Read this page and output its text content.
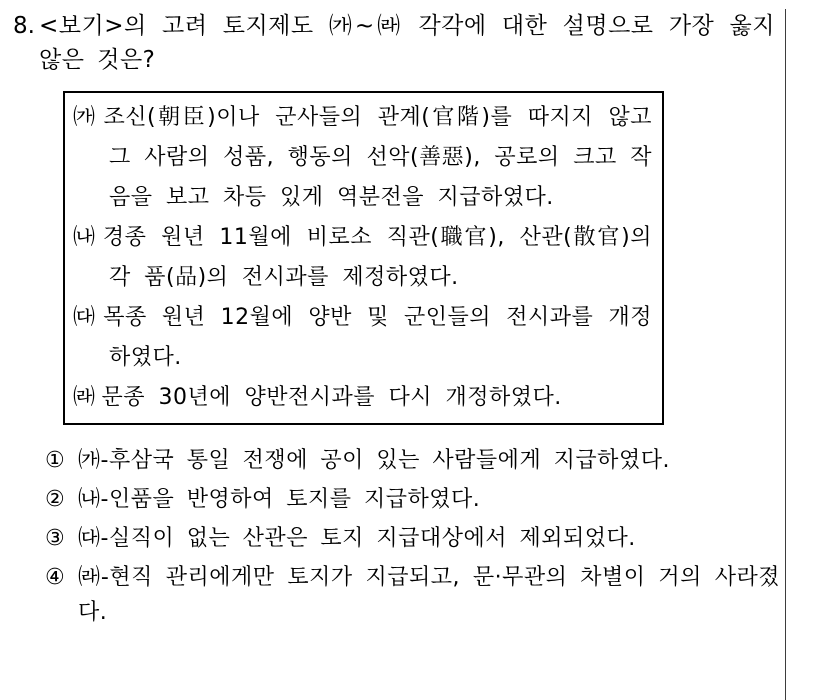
8. <보기>의 고려 토지제도 ㈎~㈑ 각각에 대한 설명으로 가장 옳지 않은 것은?
㈎ 조신(朝臣)이나 군사들의 관계(官階)를 따지지 않고 그 사람의 성품, 행동의 선악(善惡), 공로의 크고 작음을 보고 차등 있게 역분전을 지급하였다.
㈏ 경종 원년 11월에 비로소 직관(職官), 산관(散官)의 각 품(品)의 전시과를 제정하였다.
㈐ 목종 원년 12월에 양반 및 군인들의 전시과를 개정하였다.
㈑ 문종 30년에 양반전시과를 다시 개정하였다.
① ㈎-후삼국 통일 전쟁에 공이 있는 사람들에게 지급하였다.
② ㈏-인품을 반영하여 토지를 지급하였다.
③ ㈐-실직이 없는 산관은 토지 지급대상에서 제외되었다.
④ ㈑-현직 관리에게만 토지가 지급되고, 문·무관의 차별이 거의 사라졌다.
